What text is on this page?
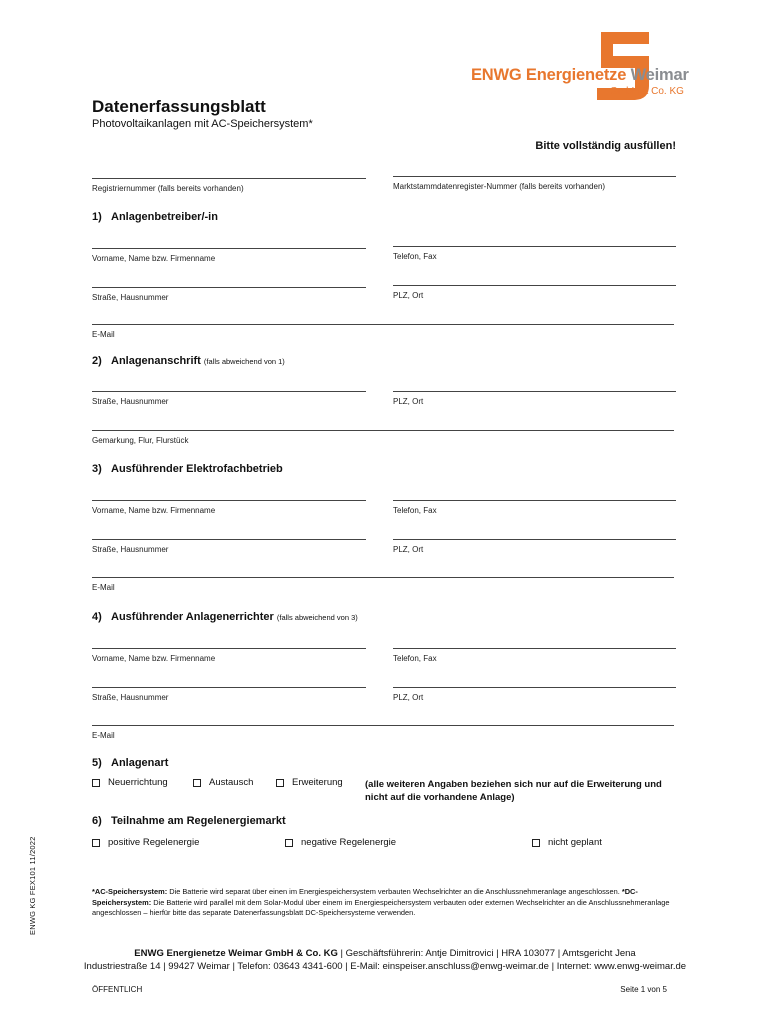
ENWG Energienetze Weimar
GmbH & Co. KG
Datenerfassungsblatt
Photovoltaikanlagen mit AC-Speichersystem*
Bitte vollständig ausfüllen!
Registriernummer (falls bereits vorhanden)	Marktstammdatenregister-Nummer (falls bereits vorhanden)
1) Anlagenbetreiber/-in
Vorname, Name bzw. Firmenname	Telefon, Fax
Straße, Hausnummer	PLZ, Ort
E-Mail
2) Anlagenanschrift (falls abweichend von 1)
Straße, Hausnummer	PLZ, Ort
Gemarkung, Flur, Flurstück
3) Ausführender Elektrofachbetrieb
Vorname, Name bzw. Firmenname	Telefon, Fax
Straße, Hausnummer	PLZ, Ort
E-Mail
4) Ausführender Anlagenerrichter (falls abweichend von 3)
Vorname, Name bzw. Firmenname	Telefon, Fax
Straße, Hausnummer	PLZ, Ort
E-Mail
5) Anlagenart
Neuerrichtung	Austausch	Erweiterung (alle weiteren Angaben beziehen sich nur auf die Erweiterung und nicht auf die vorhandene Anlage)
6) Teilnahme am Regelenergiemarkt
positive Regelenergie	negative Regelenergie	nicht geplant
*AC-Speichersystem: Die Batterie wird separat über einen im Energiespeichersystem verbauten Wechselrichter an die Anschlussnehmeranlage angeschlossen. *DC-Speichersystem: Die Batterie wird parallel mit dem Solar-Modul über einem im Energiespeichersystem verbauten oder externen Wechselrichter an die Anschlussnehmeranlage angeschlossen – hierfür bitte das separate Datenerfassungsblatt DC-Speichersysteme verwenden.
ENWG Energienetze Weimar GmbH & Co. KG | Geschäftsführerin: Antje Dimitrovici | HRA 103077 | Amtsgericht Jena
Industriestraße 14 | 99427 Weimar | Telefon: 03643 4341-600 | E-Mail: einspeiser.anschluss@enwg-weimar.de | Internet: www.enwg-weimar.de
ÖFFENTLICH	Seite 1 von 5
ENWG KG FEX101 11/2022
